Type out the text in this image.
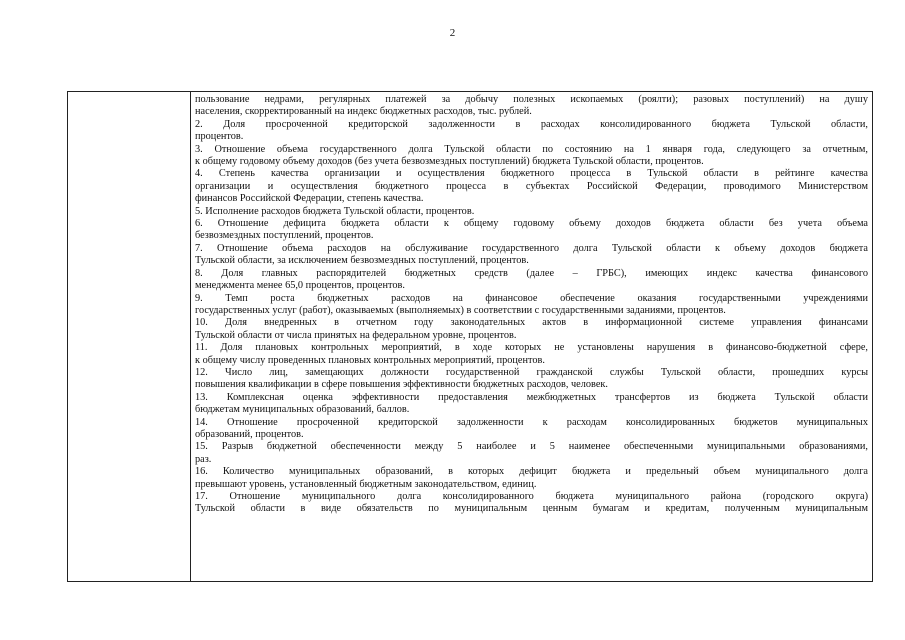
2
пользование недрами, регулярных платежей за добычу полезных ископаемых (роялти); разовых поступлений) на душу
населения, скорректированный на индекс бюджетных расходов, тыс. рублей.
2. Доля просроченной кредиторской задолженности в расходах консолидированного бюджета Тульской области,
процентов.
3. Отношение объема государственного долга Тульской области по состоянию на 1 января года, следующего за отчетным,
к общему годовому объему доходов (без учета безвозмездных поступлений) бюджета Тульской области, процентов.
4. Степень качества организации и осуществления бюджетного процесса в Тульской области в рейтинге качества
организации и осуществления бюджетного процесса в субъектах Российской Федерации, проводимого Министерством
финансов Российской Федерации, степень качества.
5. Исполнение расходов бюджета Тульской области, процентов.
6. Отношение дефицита бюджета области к общему годовому объему доходов бюджета области без учета объема
безвозмездных поступлений, процентов.
7. Отношение объема расходов на обслуживание государственного долга Тульской области к объему доходов бюджета
Тульской области, за исключением безвозмездных поступлений, процентов.
8. Доля главных распорядителей бюджетных средств (далее – ГРБС), имеющих индекс качества финансового
менеджмента менее 65,0 процентов, процентов.
9. Темп роста бюджетных расходов на финансовое обеспечение оказания государственными учреждениями
государственных услуг (работ), оказываемых (выполняемых) в соответствии с государственными заданиями, процентов.
10. Доля внедренных в отчетном году законодательных актов в информационной системе управления финансами
Тульской области от числа принятых на федеральном уровне, процентов.
11. Доля плановых контрольных мероприятий, в ходе которых не установлены нарушения в финансово-бюджетной сфере,
к общему числу проведенных плановых контрольных мероприятий, процентов.
12. Число лиц, замещающих должности государственной гражданской службы Тульской области, прошедших курсы
повышения квалификации в сфере повышения эффективности бюджетных расходов, человек.
13. Комплексная оценка эффективности предоставления межбюджетных трансфертов из бюджета Тульской области
бюджетам муниципальных образований, баллов.
14. Отношение просроченной кредиторской задолженности к расходам консолидированных бюджетов муниципальных
образований, процентов.
15. Разрыв бюджетной обеспеченности между 5 наиболее и 5 наименее обеспеченными муниципальными образованиями,
раз.
16. Количество муниципальных образований, в которых дефицит бюджета и предельный объем муниципального долга
превышают уровень, установленный бюджетным законодательством, единиц.
17. Отношение муниципального долга консолидированного бюджета муниципального района (городского округа)
Тульской области в виде обязательств по муниципальным ценным бумагам и кредитам, полученным муниципальным
